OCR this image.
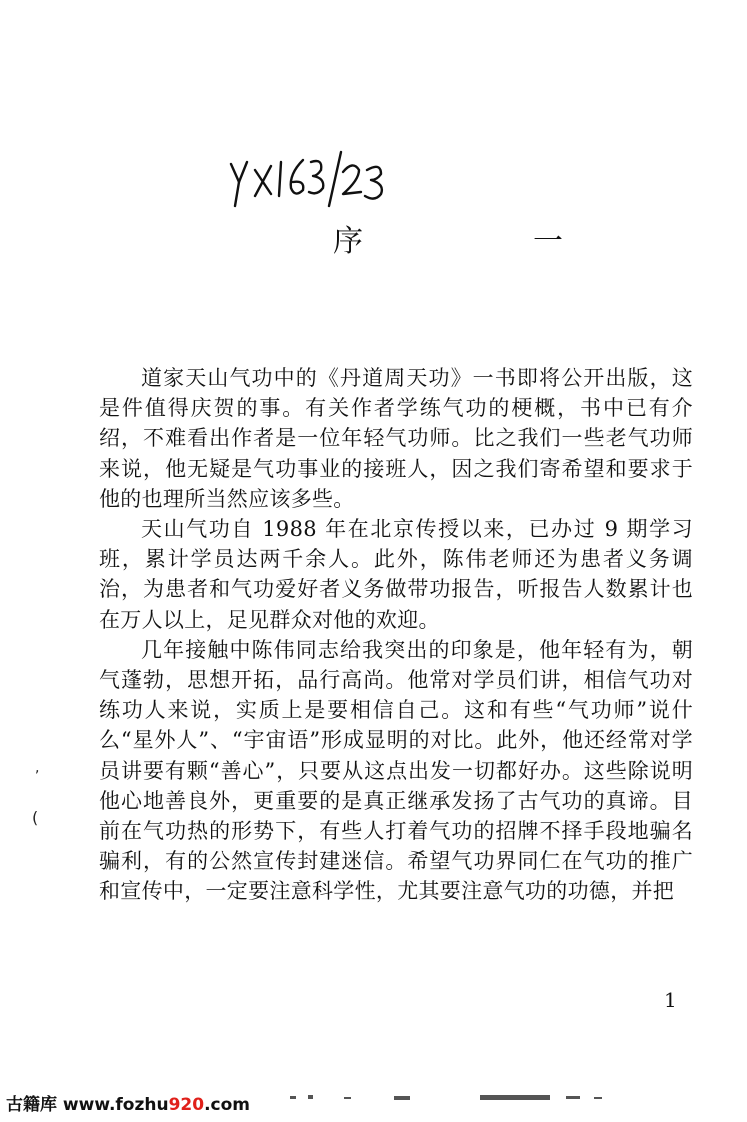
序　一

道家天山气功中的《丹道周天功》一书即将公开出版，这是件值得庆贺的事。有关作者学练气功的梗概，书中已有介绍，不难看出作者是一位年轻气功师。比之我们一些老气功师来说，他无疑是气功事业的接班人，因之我们寄希望和要求于他的也理所当然应该多些。

天山气功自 1988 年在北京传授以来，已办过 9 期学习班，累计学员达两千余人。此外，陈伟老师还为患者义务调治，为患者和气功爱好者义务做带功报告，听报告人数累计也在万人以上，足见群众对他的欢迎。

几年接触中陈伟同志给我突出的印象是，他年轻有为，朝气蓬勃，思想开拓，品行高尚。他常对学员们讲，相信气功对练功人来说，实质上是要相信自己。这和有些“气功师”说什么“星外人”、“宇宙语”形成显明的对比。此外，他还经常对学员讲要有颗“善心”，只要从这点出发一切都好办。这些除说明他心地善良外，更重要的是真正继承发扬了古气功的真谛。目前在气功热的形势下，有些人打着气功的招牌不择手段地骗名骗利，有的公然宣传封建迷信。希望气功界同仁在气功的推广和宣传中，一定要注意科学性，尤其要注意气功的功德，并把

1
,
(
古籍库 www.fozhu920.com
